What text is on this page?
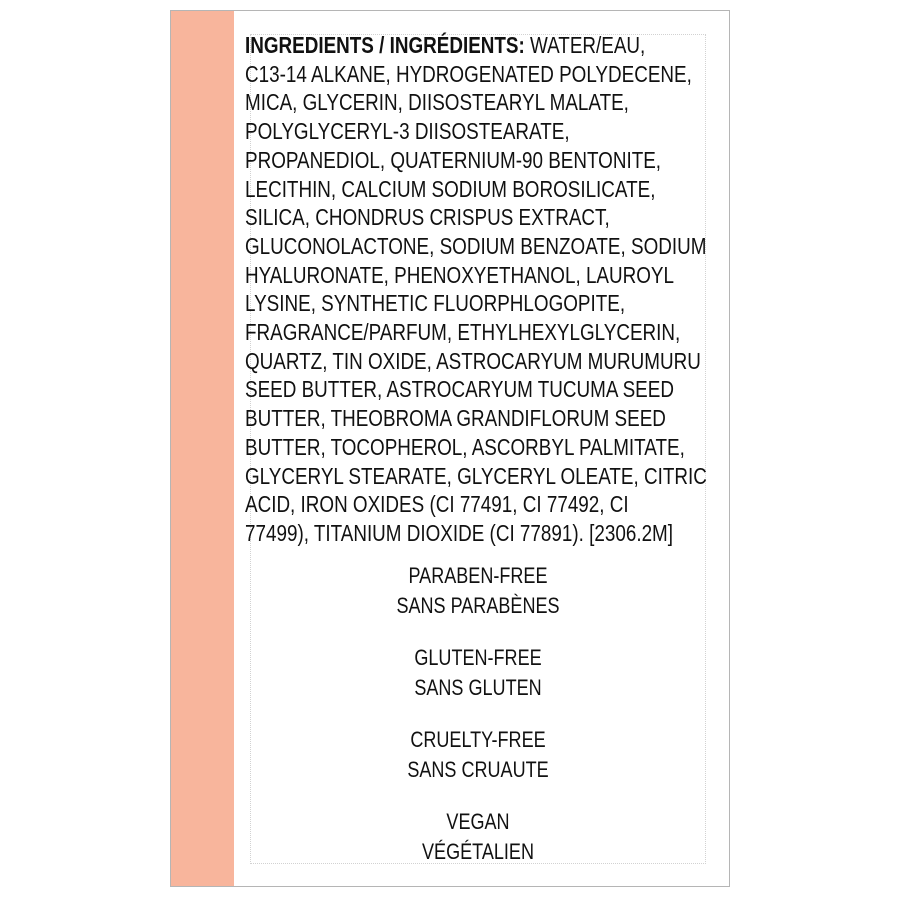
INGREDIENTS / INGRÉDIENTS: WATER/EAU,
C13-14 ALKANE, HYDROGENATED POLYDECENE,
MICA, GLYCERIN, DIISOSTEARYL MALATE,
POLYGLYCERYL-3 DIISOSTEARATE,
PROPANEDIOL, QUATERNIUM-90 BENTONITE,
LECITHIN, CALCIUM SODIUM BOROSILICATE,
SILICA, CHONDRUS CRISPUS EXTRACT,
GLUCONOLACTONE, SODIUM BENZOATE, SODIUM
HYALURONATE, PHENOXYETHANOL, LAUROYL
LYSINE, SYNTHETIC FLUORPHLOGOPITE,
FRAGRANCE/PARFUM, ETHYLHEXYLGLYCERIN,
QUARTZ, TIN OXIDE, ASTROCARYUM MURUMURU
SEED BUTTER, ASTROCARYUM TUCUMA SEED
BUTTER, THEOBROMA GRANDIFLORUM SEED
BUTTER, TOCOPHEROL, ASCORBYL PALMITATE,
GLYCERYL STEARATE, GLYCERYL OLEATE, CITRIC
ACID, IRON OXIDES (CI 77491, CI 77492, CI
77499), TITANIUM DIOXIDE (CI 77891). [2306.2M]

PARABEN-FREE
SANS PARABÈNES
GLUTEN-FREE
SANS GLUTEN
CRUELTY-FREE
SANS CRUAUTE
VEGAN
VÉGÉTALIEN
